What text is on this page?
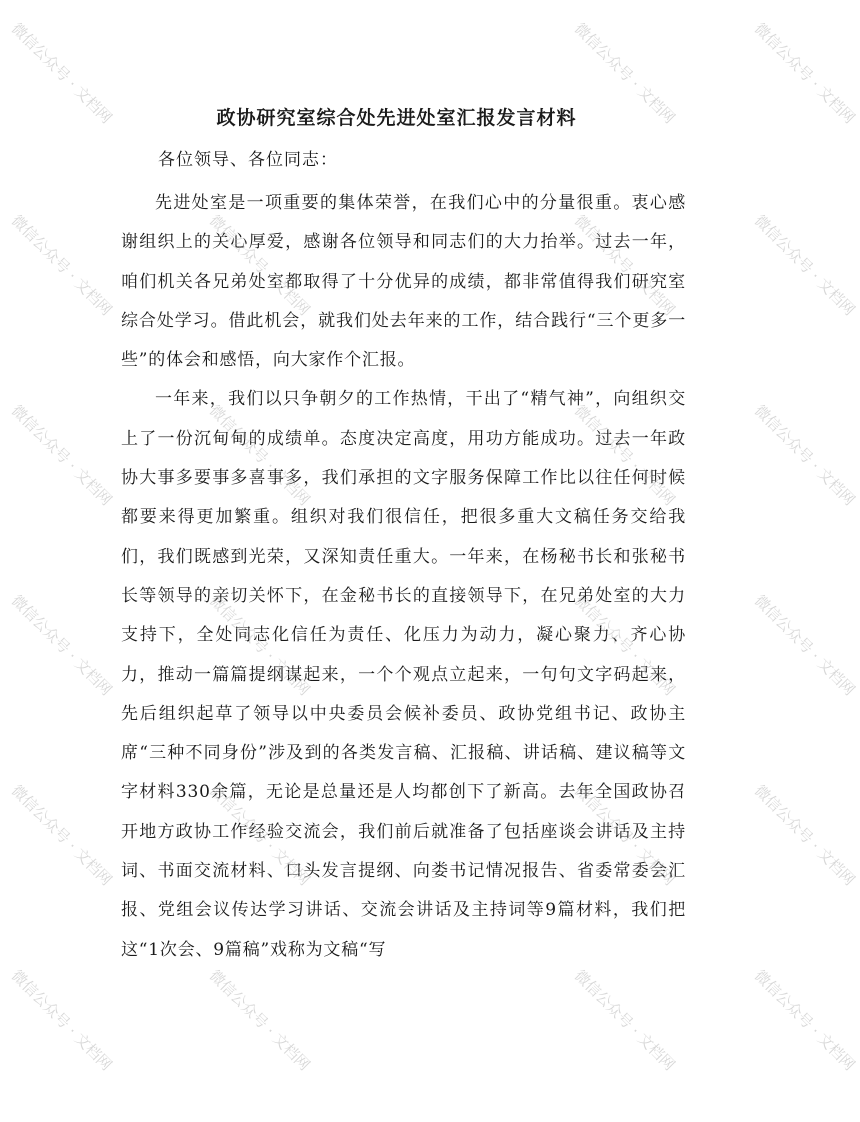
政协研究室综合处先进处室汇报发言材料

各位领导、各位同志：

先进处室是一项重要的集体荣誉，在我们心中的分量很重。衷心感谢组织上的关心厚爱，感谢各位领导和同志们的大力抬举。过去一年，咱们机关各兄弟处室都取得了十分优异的成绩，都非常值得我们研究室综合处学习。借此机会，就我们处去年来的工作，结合践行“三个更多一些”的体会和感悟，向大家作个汇报。

一年来，我们以只争朝夕的工作热情，干出了“精气神”，向组织交上了一份沉甸甸的成绩单。态度决定高度，用功方能成功。过去一年政协大事多要事多喜事多，我们承担的文字服务保障工作比以往任何时候都要来得更加繁重。组织对我们很信任，把很多重大文稿任务交给我们，我们既感到光荣，又深知责任重大。一年来，在杨秘书长和张秘书长等领导的亲切关怀下，在金秘书长的直接领导下，在兄弟处室的大力支持下，全处同志化信任为责任、化压力为动力，凝心聚力、齐心协力，推动一篇篇提纲谋起来，一个个观点立起来，一句句文字码起来，先后组织起草了领导以中央委员会候补委员、政协党组书记、政协主席“三种不同身份”涉及到的各类发言稿、汇报稿、讲话稿、建议稿等文字材料330余篇，无论是总量还是人均都创下了新高。去年全国政协召开地方政协工作经验交流会，我们前后就准备了包括座谈会讲话及主持词、书面交流材料、口头发言提纲、向娄书记情况报告、省委常委会汇报、党组会议传达学习讲话、交流会讲话及主持词等9篇材料，我们把这“1次会、9篇稿”戏称为文稿“写

微信公众号 · 文档网	微信公众号 · 文档网
微信公众号 · 文档网	微信公众号 · 文档网	微信公众号 · 文档网
微信公众号 · 文档网	微信公众号 · 文档网	微信公众号 · 文档网
微信公众号 · 文档网	微信公众号 · 文档网	微信公众号 · 文档网
微信公众号 · 文档网	微信公众号 · 文档网	微信公众号 · 文档网
微信公众号 · 文档网	微信公众号 · 文档网	微信公众号 · 文档网
微信公众号 · 文档网
微信公众号 · 文档网
微信公众号 · 文档网
微信公众号 · 文档网
微信公众号 · 文档网
微信公众号 · 文档网
